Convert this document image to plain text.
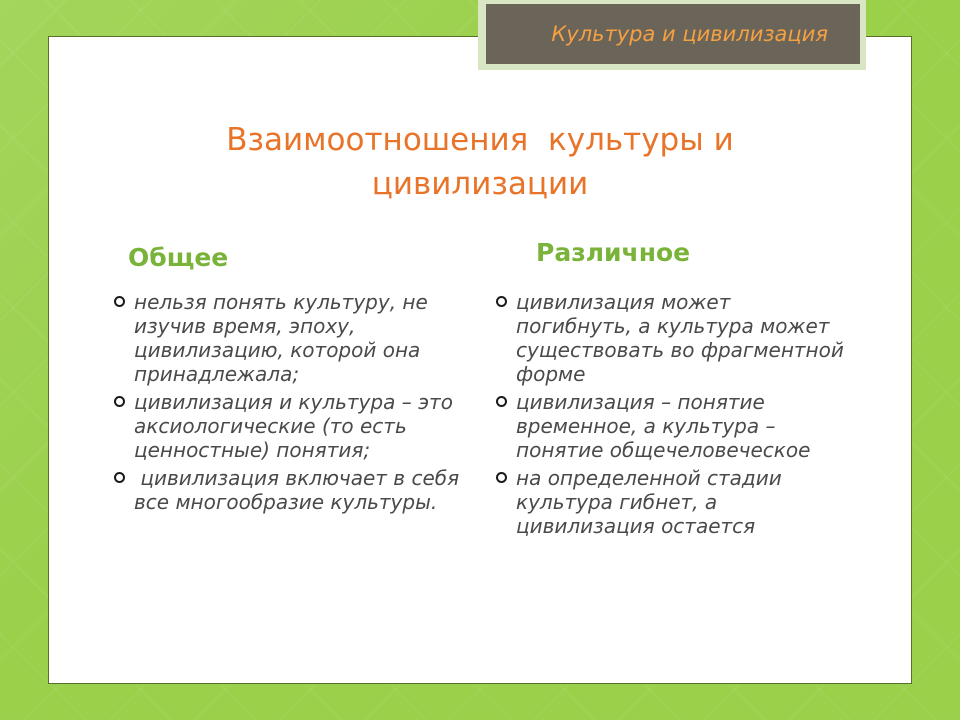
Культура и цивилизация
Взаимоотношения  культуры и
цивилизации
Общее	Различное
нельзя понять культуру, не изучив время, эпоху, цивилизацию, которой она принадлежала;
цивилизация и культура – это аксиологические (то есть ценностные) понятия;
цивилизация включает в себя все многообразие культуры.
цивилизация может погибнуть, а культура может существовать во фрагментной форме
цивилизация – понятие временное, а культура – понятие общечеловеческое
на определенной стадии культура гибнет, а цивилизация остается
